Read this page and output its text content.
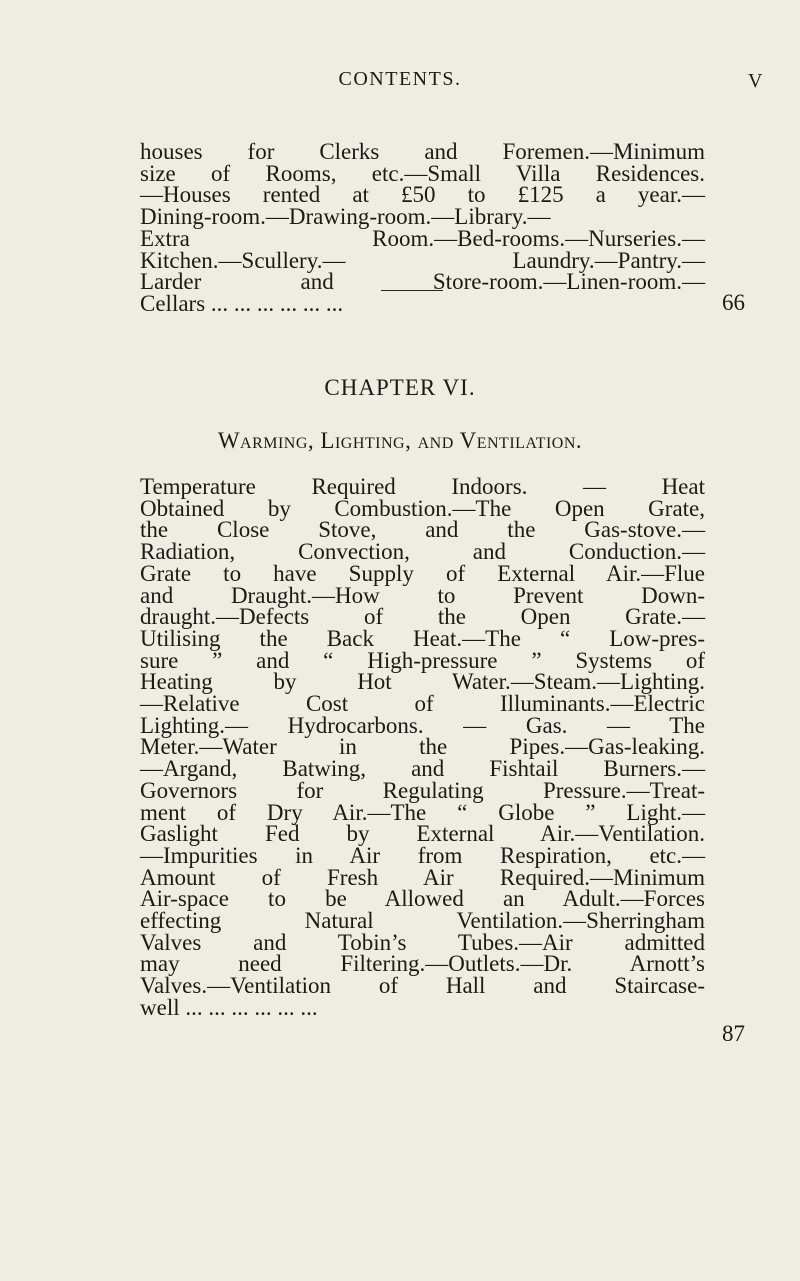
CONTENTS.	V
houses for Clerks and Foremen.—Minimum
size of Rooms, etc.—Small Villa Residences.
—Houses rented at £50 to £125 a year.—
Dining-room.—Drawing-room.—Library.—
Extra Room.—Bed-rooms.—Nurseries.—
Kitchen.—Scullery.— Laundry.—Pantry.—
Larder and Store-room.—Linen-room.—
Cellars ... ... ... ... ... ...	66
CHAPTER VI.
Warming, Lighting, and Ventilation.
Temperature Required Indoors. — Heat
Obtained by Combustion.—The Open Grate,
the Close Stove, and the Gas-stove.—
Radiation, Convection, and Conduction.—
Grate to have Supply of External Air.—Flue
and Draught.—How to Prevent Down-
draught.—Defects of the Open Grate.—
Utilising the Back Heat.—The “ Low-pres-
sure ” and “ High-pressure ” Systems of
Heating by Hot Water.—Steam.—Lighting.
—Relative Cost of Illuminants.—Electric
Lighting.— Hydrocarbons. — Gas. — The
Meter.—Water in the Pipes.—Gas-leaking.
—Argand, Batwing, and Fishtail Burners.—
Governors for Regulating Pressure.—Treat-
ment of Dry Air.—The “ Globe ” Light.—
Gaslight Fed by External Air.—Ventilation.
—Impurities in Air from Respiration, etc.—
Amount of Fresh Air Required.—Minimum
Air-space to be Allowed an Adult.—Forces
effecting Natural Ventilation.—Sherringham
Valves and Tobin’s Tubes.—Air admitted
may need Filtering.—Outlets.—Dr. Arnott’s
Valves.—Ventilation of Hall and Staircase-
well ... ... ... ... ... ...
87
